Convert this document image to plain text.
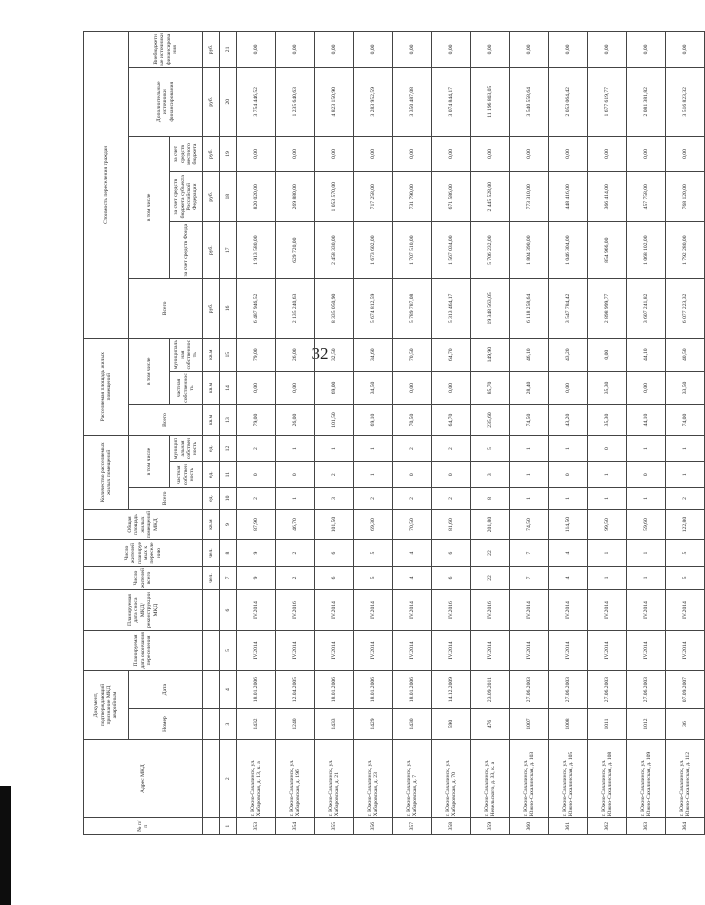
32
№ п/п	Адрес МКД	Документ, подтверждающий признание МКД аварийным		Планируемая дата окончания переселения	Планируемая дата сноса МКД/реконструкции МКД	Число жителей всего	Число жителей планируемых к переселению	Общая площадь жилых помещений МКД	Количество расселяемых жилых помещений			Расселяемая площадь жилых помещений			Стоимость переселения граждан					
		Номер	Дата						Всего	в том числе		Всего	в том числе		Всего	в том числе			Дополнительные источники финансирования	Внебюджетные источники финансирования
										частная собственность	муниципальная собственность		частная собственность	муниципальная собственность		за счет средств Фонда	за счет средств бюджета субъекта Российской Федерации	за счет средств местного бюджета		
						чел.	чел.	кв.м	ед.	ед.	ед.	кв.м	кв.м	кв.м	руб.	руб.	руб.	руб.	руб.	руб.
1	2	3	4	5	6	7	8	9	10	11	12	13	14	15	16	17	18	19	20	21
353	г. Южно-Сахалинск, ул. Хабаровская, д. 13, к. а	1432	18.01.2006	IV.2014	IV.2014	9	9	87,90	2	0	2	79,00	0,00	79,00	6 487 946,52	1 913 580,00	820 020,00	0,00	3 754 446,52	0,00
354	г. Южно-Сахалинск, ул. Хабаровская, д. 19б	1240	12.04.2005	IV.2014	IV.2016	2	2	46,70	1	0	1	26,00	0,00	26,00	2 135 240,63	629 720,00	269 880,00	0,00	1 235 640,63	0,00
355	г. Южно-Сахалинск, ул. Хабаровская, д. 21	1433	18.01.2006	IV.2014	IV.2014	6	6	101,50	3	2	1	101,50	69,00	32,50	8 335 050,90	2 458 330,00	1 053 570,00	0,00	4 823 150,90	0,00
356	г. Южно-Сахалинск, ул. Хабаровская, д. 23	1429	18.01.2006	IV.2014	IV.2014	5	5	69,30	2	1	1	69,10	34,50	34,60	5 674 812,59	1 673 602,00	717 258,00	0,00	3 283 952,59	0,00
357	г. Южно-Сахалинск, ул. Хабаровская, д. 7	1430	18.01.2006	IV.2014	IV.2014	4	4	70,50	2	0	2	70,50	0,00	70,50	5 789 787,08	1 707 510,00	731 790,00	0,00	3 350 487,08	0,00
358	г. Южно-Сахалинск, ул. Хабаровская, д. 70	590	14.12.2009	IV.2014	IV.2016	6	6	81,60	2	0	2	64,70	0,00	64,70	5 313 464,17	1 567 034,00	671 586,00	0,00	3 074 844,17	0,00
359	г. Южно-Сахалинск, ул. Невельского, д. 33, к. а	476	23.09.2011	IV.2014	IV.2016	22	22	201,80	8	3	5	235,60	85,70	149,90	19 348 563,05	5 706 232,00	2 445 528,00	0,00	11 196 803,05	0,00
360	г. Южно-Сахалинск, ул. Южно-Сахалинская, д. 103	1007	27.06.2003	IV.2014	IV.2014	7	7	74,50	1	1	1	74,50	28,40	46,10	6 118 258,64	1 804 390,00	773 310,00	0,00	3 540 558,64	0,00
361	г. Южно-Сахалинск, ул. Южно-Сахалинская, д. 105	1008	27.06.2003	IV.2014	IV.2014	4	4	114,50	1	0	1	43,20	0,00	43,20	3 547 784,42	1 046 304,00	448 416,00	0,00	2 053 064,42	0,00
362	г. Южно-Сахалинск, ул. Южно-Сахалинская, д. 108	1011	27.06.2003	IV.2014	IV.2014	1	1	99,50	1	1	0	35,30	35,30	0,00	2 898 999,77	854 966,00	366 414,00	0,00	1 677 619,77	0,00
363	г. Южно-Сахалинск, ул. Южно-Сахалинская, д. 109	1012	27.06.2003	IV.2014	IV.2014	1	1	59,60	1	0	1	44,10	0,00	44,10	3 607 241,82	1 068 102,00	457 758,00	0,00	2 081 381,82	0,00
364	г. Южно-Сахалинск, ул. Южно-Сахалинская, д. 112	36	07.09.2007	IV.2014	IV.2014	5	5	122,80	2	1	1	74,00	33,50	40,50	6 077 223,32	1 792 280,00	768 120,00	0,00	3 516 823,32	0,00
